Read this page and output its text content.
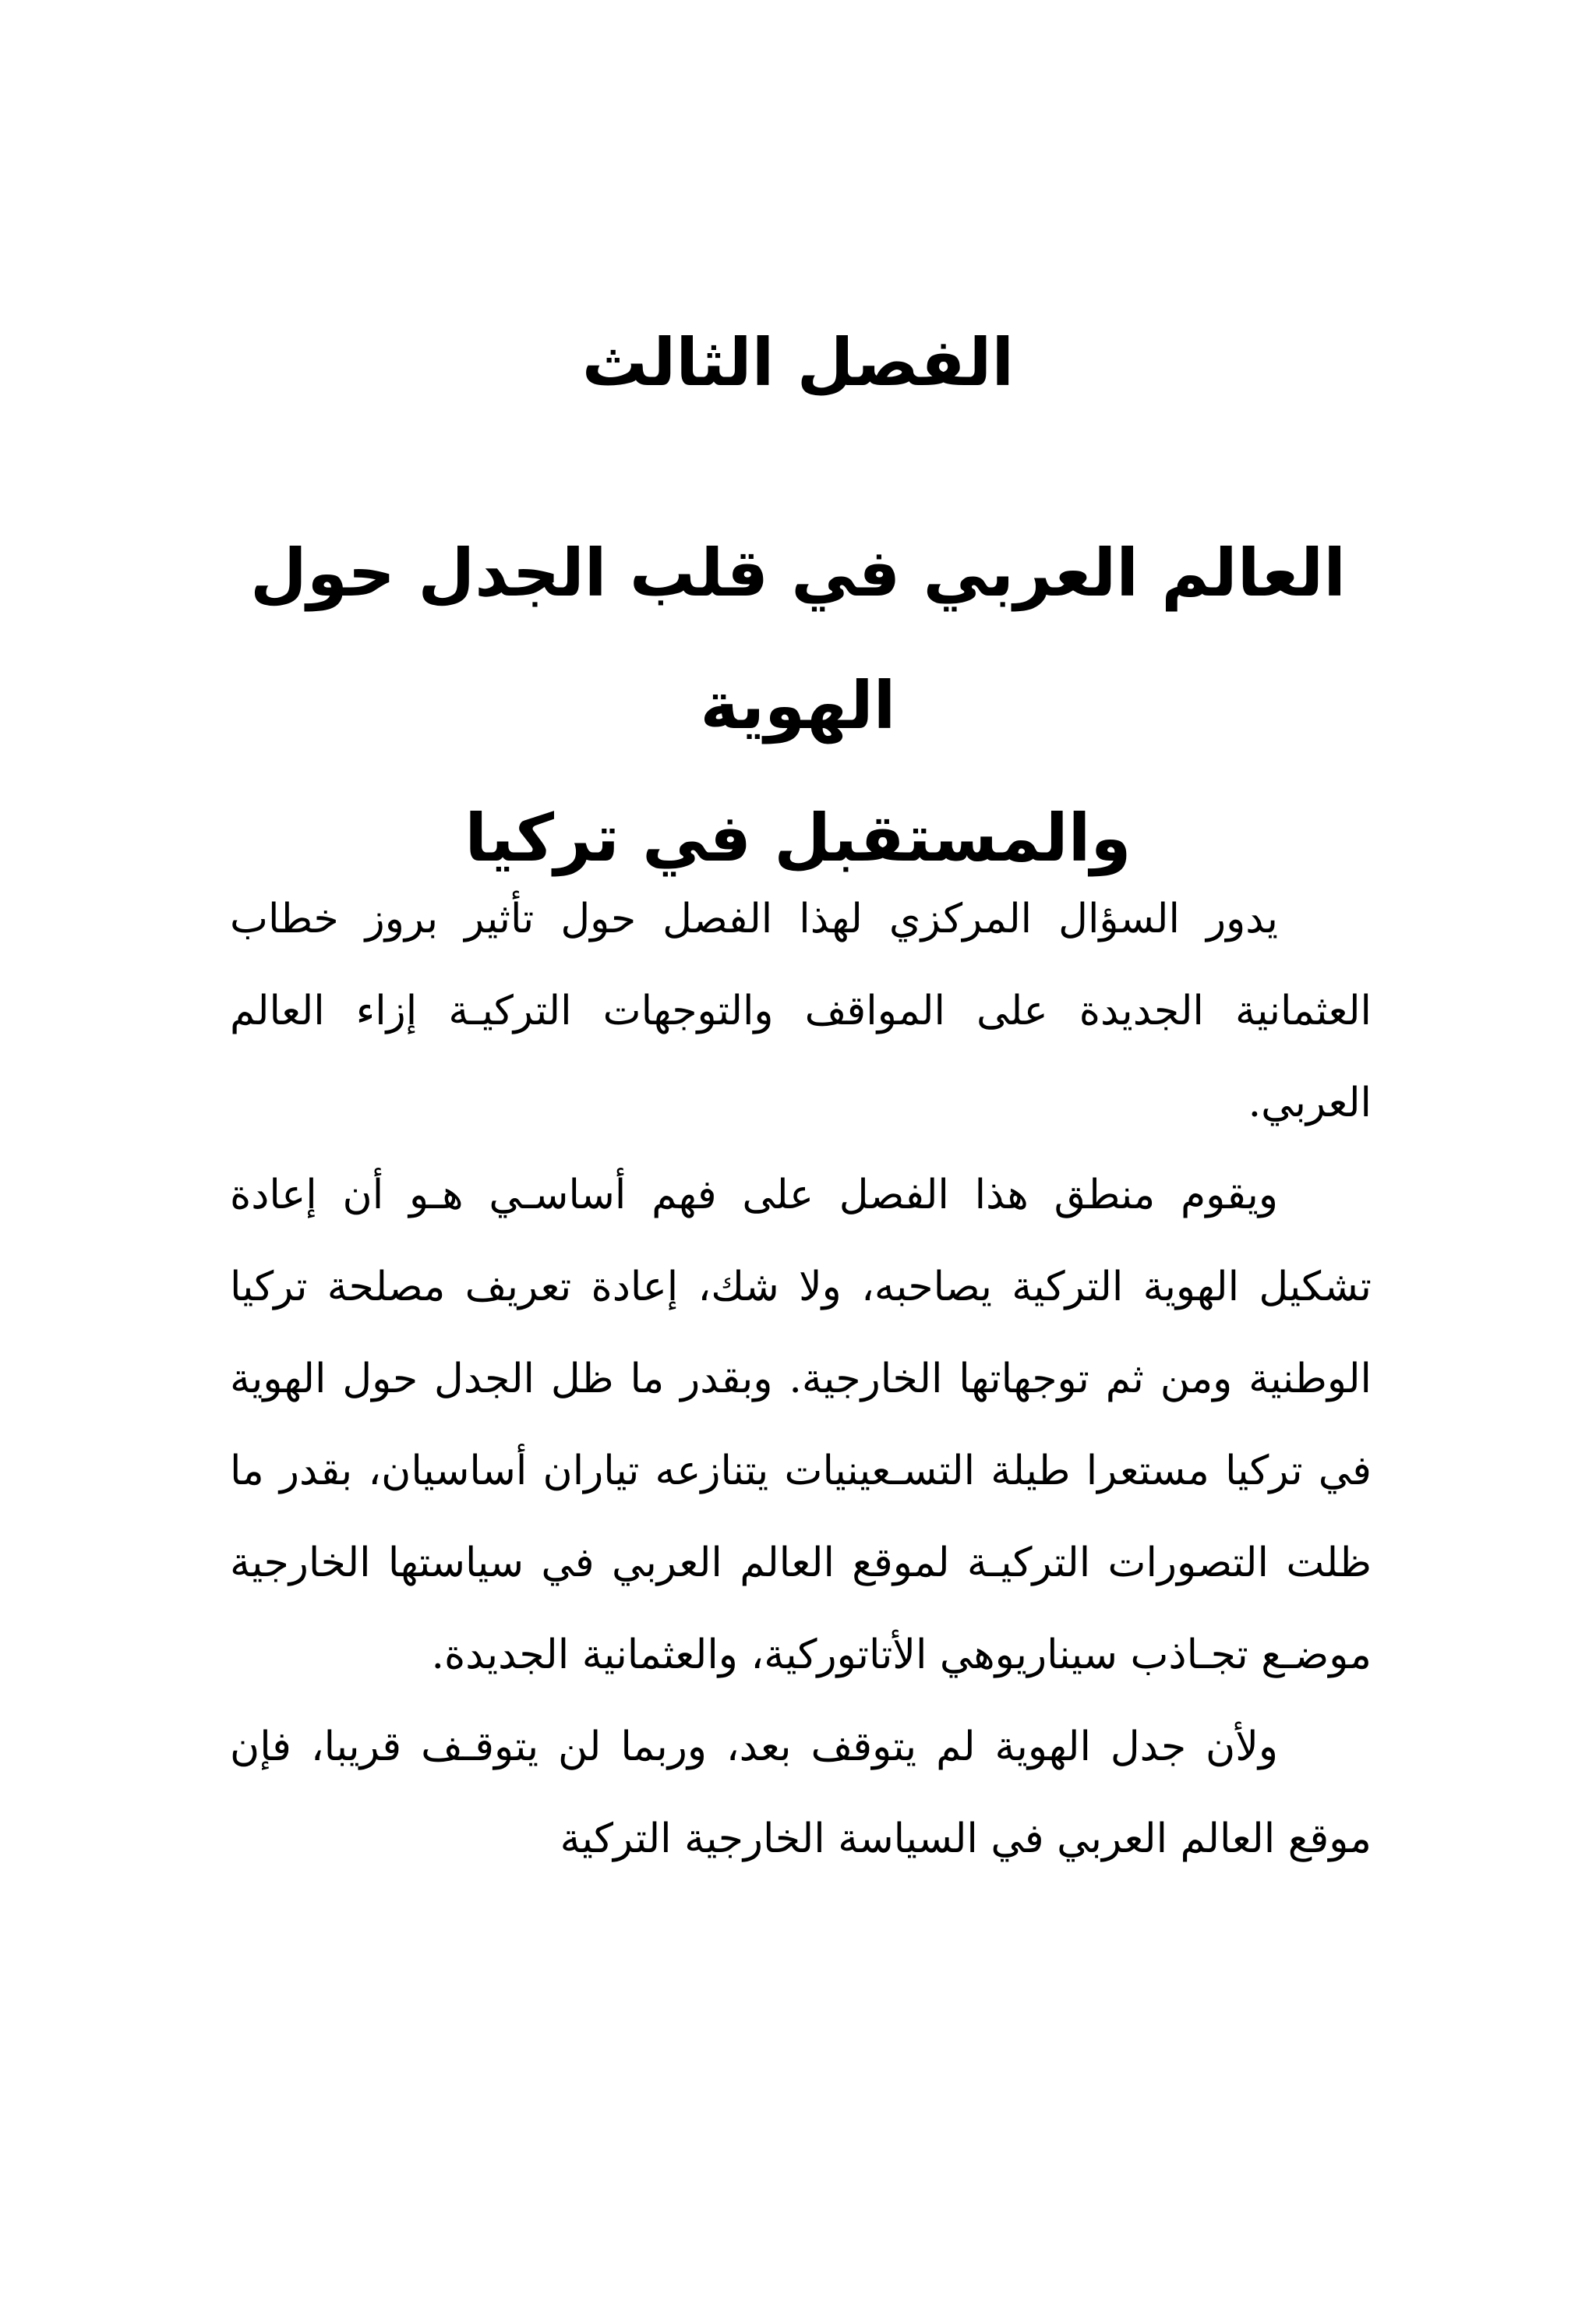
الفصل الثالث
العالم العربي في قلب الجدل حول الهوية
والمستقبل في تركيا

يدور السؤال المركزي لهذا الفصل حول تأثير بروز خطاب العثمانية الجديدة على المواقف والتوجهات التركيـة إزاء العالم العربي.

ويقوم منطق هذا الفصل على فهم أساسـي هـو أن إعادة تشكيل الهوية التركية يصاحبه، ولا شك، إعادة تعريف مصلحة تركيا الوطنية ومن ثم توجهاتها الخارجية. وبقدر ما ظل الجدل حول الهوية في تركيا مستعرا طيلة التسـعينيات يتنازعه تياران أساسيان، بقدر ما ظلت التصورات التركيـة لموقع العالم العربي في سياستها الخارجية موضـع تجـاذب سيناريوهي الأتاتوركية، والعثمانية الجديدة.

ولأن جدل الهوية لم يتوقف بعد، وربما لن يتوقـف قريبا، فإن موقع العالم العربي في السياسة الخارجية التركية
